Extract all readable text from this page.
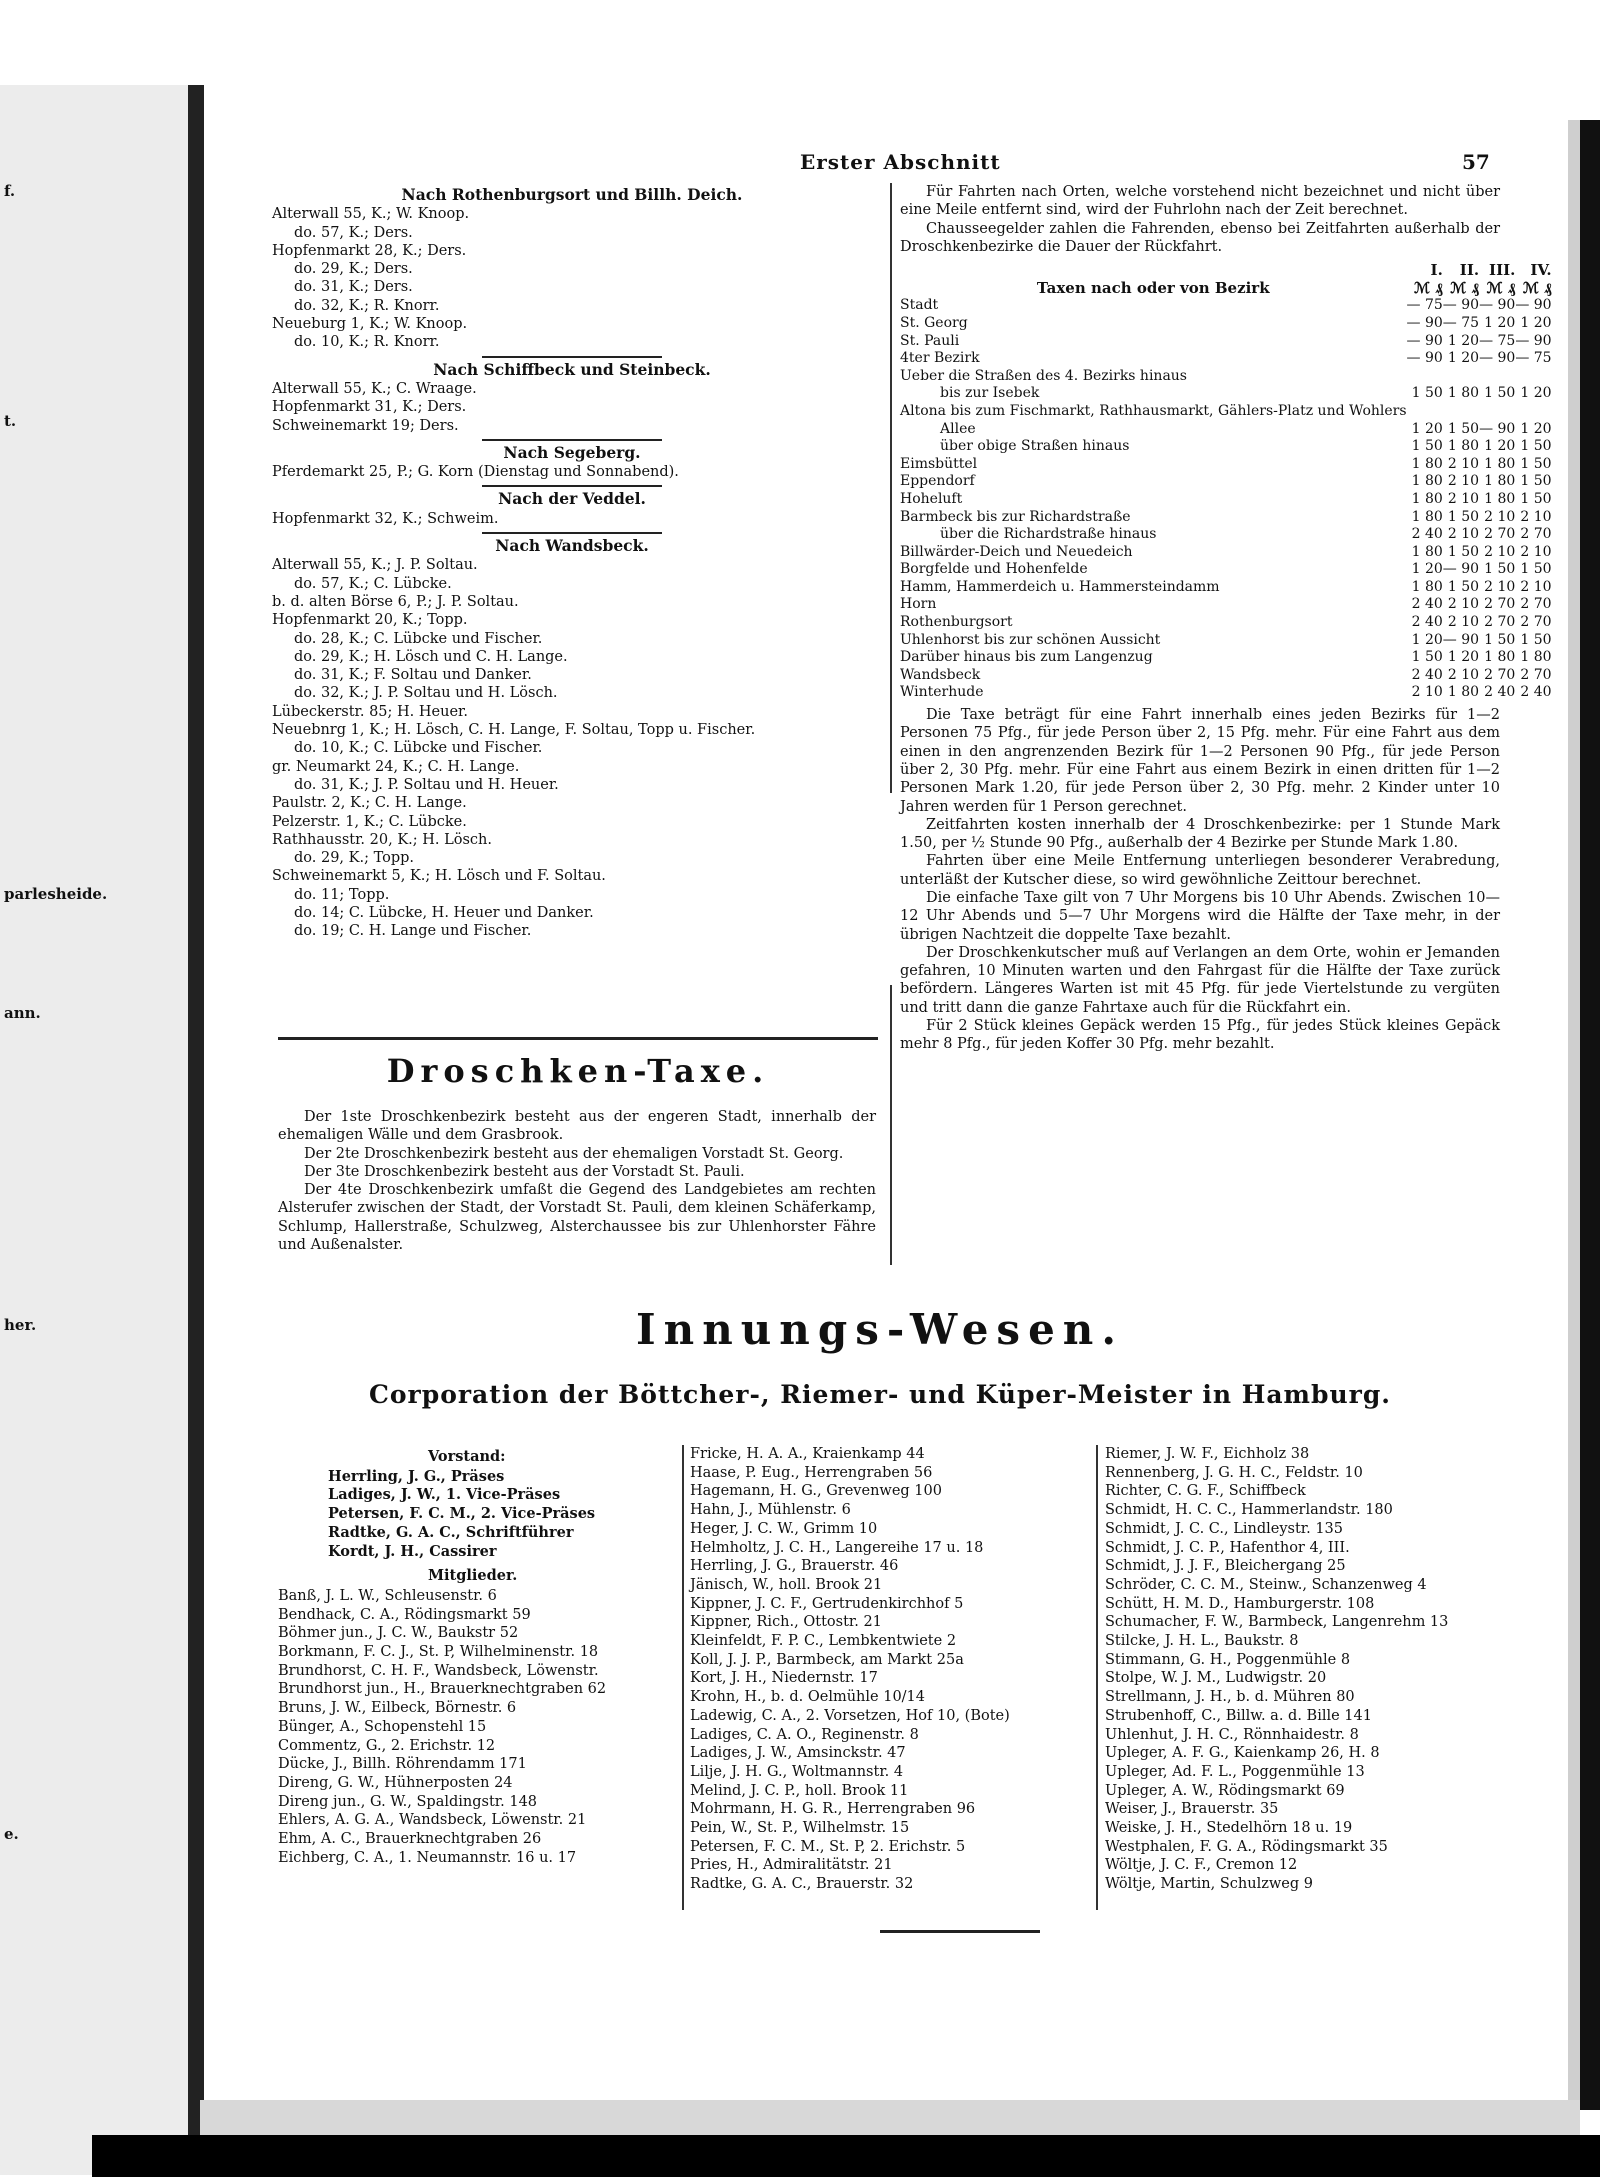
f.
t.
parlesheide.
ann.
her.
e.
Erster Abschnitt	57
Nach Rothenburgsort und Billh. Deich.
Alterwall 55, K.; W. Knoop.
do. 57, K.; Ders.
Hopfenmarkt 28, K.; Ders.
do. 29, K.; Ders.
do. 31, K.; Ders.
do. 32, K.; R. Knorr.
Neueburg 1, K.; W. Knoop.
do. 10, K.; R. Knorr.
Nach Schiffbeck und Steinbeck.
Alterwall 55, K.; C. Wraage.
Hopfenmarkt 31, K.; Ders.
Schweinemarkt 19; Ders.
Nach Segeberg.
Pferdemarkt 25, P.; G. Korn (Dienstag und Sonnabend).
Nach der Veddel.
Hopfenmarkt 32, K.; Schweim.
Nach Wandsbeck.
Alterwall 55, K.; J. P. Soltau.
do. 57, K.; C. Lübcke.
b. d. alten Börse 6, P.; J. P. Soltau.
Hopfenmarkt 20, K.; Topp.
do. 28, K.; C. Lübcke und Fischer.
do. 29, K.; H. Lösch und C. H. Lange.
do. 31, K.; F. Soltau und Danker.
do. 32, K.; J. P. Soltau und H. Lösch.
Lübeckerstr. 85; H. Heuer.
Neuebnrg 1, K.; H. Lösch, C. H. Lange, F. Soltau, Topp u. Fischer.
do. 10, K.; C. Lübcke und Fischer.
gr. Neumarkt 24, K.; C. H. Lange.
do. 31, K.; J. P. Soltau und H. Heuer.
Paulstr. 2, K.; C. H. Lange.
Pelzerstr. 1, K.; C. Lübcke.
Rathhausstr. 20, K.; H. Lösch.
do. 29, K.; Topp.
Schweinemarkt 5, K.; H. Lösch und F. Soltau.
do. 11; Topp.
do. 14; C. Lübcke, H. Heuer und Danker.
do. 19; C. H. Lange und Fischer.
Für Fahrten nach Orten, welche vorstehend nicht bezeichnet und nicht über eine Meile entfernt sind, wird der Fuhrlohn nach der Zeit berechnet.
Chausseegelder zahlen die Fahrenden, ebenso bei Zeitfahrten außerhalb der Droschkenbezirke die Dauer der Rückfahrt.
	I.	II.	III.	IV.
Taxen nach oder von Bezirk	ℳ ₰	ℳ ₰	ℳ ₰	ℳ ₰
Stadt	— 75	— 90	— 90	— 90
St. Georg	— 90	— 75	1 20	1 20
St. Pauli	— 90	1 20	— 75	— 90
4ter Bezirk	— 90	1 20	— 90	— 75
Ueber die Straßen des 4. Bezirks hinaus				
bis zur Isebek	1 50	1 80	1 50	1 20
Altona bis zum Fischmarkt, Rathhausmarkt, Gählers-Platz und Wohlers				
Allee	1 20	1 50	— 90	1 20
über obige Straßen hinaus	1 50	1 80	1 20	1 50
Eimsbüttel	1 80	2 10	1 80	1 50
Eppendorf	1 80	2 10	1 80	1 50
Hoheluft	1 80	2 10	1 80	1 50
Barmbeck bis zur Richardstraße	1 80	1 50	2 10	2 10
über die Richardstraße hinaus	2 40	2 10	2 70	2 70
Billwärder-Deich und Neuedeich	1 80	1 50	2 10	2 10
Borgfelde und Hohenfelde	1 20	— 90	1 50	1 50
Hamm, Hammerdeich u. Hammersteindamm	1 80	1 50	2 10	2 10
Horn	2 40	2 10	2 70	2 70
Rothenburgsort	2 40	2 10	2 70	2 70
Uhlenhorst bis zur schönen Aussicht	1 20	— 90	1 50	1 50
Darüber hinaus bis zum Langenzug	1 50	1 20	1 80	1 80
Wandsbeck	2 40	2 10	2 70	2 70
Winterhude	2 10	1 80	2 40	2 40
Die Taxe beträgt für eine Fahrt innerhalb eines jeden Bezirks für 1—2 Personen 75 Pfg., für jede Person über 2, 15 Pfg. mehr. Für eine Fahrt aus dem einen in den angrenzenden Bezirk für 1—2 Personen 90 Pfg., für jede Person über 2, 30 Pfg. mehr. Für eine Fahrt aus einem Bezirk in einen dritten für 1—2 Personen Mark 1.20, für jede Person über 2, 30 Pfg. mehr. 2 Kinder unter 10 Jahren werden für 1 Person gerechnet.
Zeitfahrten kosten innerhalb der 4 Droschkenbezirke: per 1 Stunde Mark 1.50, per ½ Stunde 90 Pfg., außerhalb der 4 Bezirke per Stunde Mark 1.80.
Fahrten über eine Meile Entfernung unterliegen besonderer Verabredung, unterläßt der Kutscher diese, so wird gewöhnliche Zeittour berechnet.
Die einfache Taxe gilt von 7 Uhr Morgens bis 10 Uhr Abends. Zwischen 10—12 Uhr Abends und 5—7 Uhr Morgens wird die Hälfte der Taxe mehr, in der übrigen Nachtzeit die doppelte Taxe bezahlt.
Der Droschkenkutscher muß auf Verlangen an dem Orte, wohin er Jemanden gefahren, 10 Minuten warten und den Fahrgast für die Hälfte der Taxe zurück befördern. Längeres Warten ist mit 45 Pfg. für jede Viertelstunde zu vergüten und tritt dann die ganze Fahrtaxe auch für die Rückfahrt ein.
Für 2 Stück kleines Gepäck werden 15 Pfg., für jedes Stück kleines Gepäck mehr 8 Pfg., für jeden Koffer 30 Pfg. mehr bezahlt.
Droschken-Taxe.
Der 1ste Droschkenbezirk besteht aus der engeren Stadt, innerhalb der ehemaligen Wälle und dem Grasbrook.
Der 2te Droschkenbezirk besteht aus der ehemaligen Vorstadt St. Georg.
Der 3te Droschkenbezirk besteht aus der Vorstadt St. Pauli.
Der 4te Droschkenbezirk umfaßt die Gegend des Landgebietes am rechten Alsterufer zwischen der Stadt, der Vorstadt St. Pauli, dem kleinen Schäferkamp, Schlump, Hallerstraße, Schulzweg, Alsterchaussee bis zur Uhlenhorster Fähre und Außenalster.
Innungs-Wesen.
Corporation der Böttcher-, Riemer- und Küper-Meister in Hamburg.
Vorstand:
Herrling, J. G., Präses
Ladiges, J. W., 1. Vice-Präses
Petersen, F. C. M., 2. Vice-Präses
Radtke, G. A. C., Schriftführer
Kordt, J. H., Cassirer
Mitglieder.
Banß, J. L. W., Schleusenstr. 6
Bendhack, C. A., Rödingsmarkt 59
Böhmer jun., J. C. W., Baukstr 52
Borkmann, F. C. J., St. P, Wilhelminenstr. 18
Brundhorst, C. H. F., Wandsbeck, Löwenstr.
Brundhorst jun., H., Brauerknechtgraben 62
Bruns, J. W., Eilbeck, Börnestr. 6
Bünger, A., Schopenstehl 15
Commentz, G., 2. Erichstr. 12
Dücke, J., Billh. Röhrendamm 171
Direng, G. W., Hühnerposten 24
Direng jun., G. W., Spaldingstr. 148
Ehlers, A. G. A., Wandsbeck, Löwenstr. 21
Ehm, A. C., Brauerknechtgraben 26
Eichberg, C. A., 1. Neumannstr. 16 u. 17
Fricke, H. A. A., Kraienkamp 44
Haase, P. Eug., Herrengraben 56
Hagemann, H. G., Grevenweg 100
Hahn, J., Mühlenstr. 6
Heger, J. C. W., Grimm 10
Helmholtz, J. C. H., Langereihe 17 u. 18
Herrling, J. G., Brauerstr. 46
Jänisch, W., holl. Brook 21
Kippner, J. C. F., Gertrudenkirchhof 5
Kippner, Rich., Ottostr. 21
Kleinfeldt, F. P. C., Lembkentwiete 2
Koll, J. J. P., Barmbeck, am Markt 25a
Kort, J. H., Niedernstr. 17
Krohn, H., b. d. Oelmühle 10/14
Ladewig, C. A., 2. Vorsetzen, Hof 10, (Bote)
Ladiges, C. A. O., Reginenstr. 8
Ladiges, J. W., Amsinckstr. 47
Lilje, J. H. G., Woltmannstr. 4
Melind, J. C. P., holl. Brook 11
Mohrmann, H. G. R., Herrengraben 96
Pein, W., St. P., Wilhelmstr. 15
Petersen, F. C. M., St. P, 2. Erichstr. 5
Pries, H., Admiralitätstr. 21
Radtke, G. A. C., Brauerstr. 32
Riemer, J. W. F., Eichholz 38
Rennenberg, J. G. H. C., Feldstr. 10
Richter, C. G. F., Schiffbeck
Schmidt, H. C. C., Hammerlandstr. 180
Schmidt, J. C. C., Lindleystr. 135
Schmidt, J. C. P., Hafenthor 4, III.
Schmidt, J. J. F., Bleichergang 25
Schröder, C. C. M., Steinw., Schanzenweg 4
Schütt, H. M. D., Hamburgerstr. 108
Schumacher, F. W., Barmbeck, Langenrehm 13
Stilcke, J. H. L., Baukstr. 8
Stimmann, G. H., Poggenmühle 8
Stolpe, W. J. M., Ludwigstr. 20
Strellmann, J. H., b. d. Mühren 80
Strubenhoff, C., Billw. a. d. Bille 141
Uhlenhut, J. H. C., Rönnhaidestr. 8
Upleger, A. F. G., Kaienkamp 26, H. 8
Upleger, Ad. F. L., Poggenmühle 13
Upleger, A. W., Rödingsmarkt 69
Weiser, J., Brauerstr. 35
Weiske, J. H., Stedelhörn 18 u. 19
Westphalen, F. G. A., Rödingsmarkt 35
Wöltje, J. C. F., Cremon 12
Wöltje, Martin, Schulzweg 9
